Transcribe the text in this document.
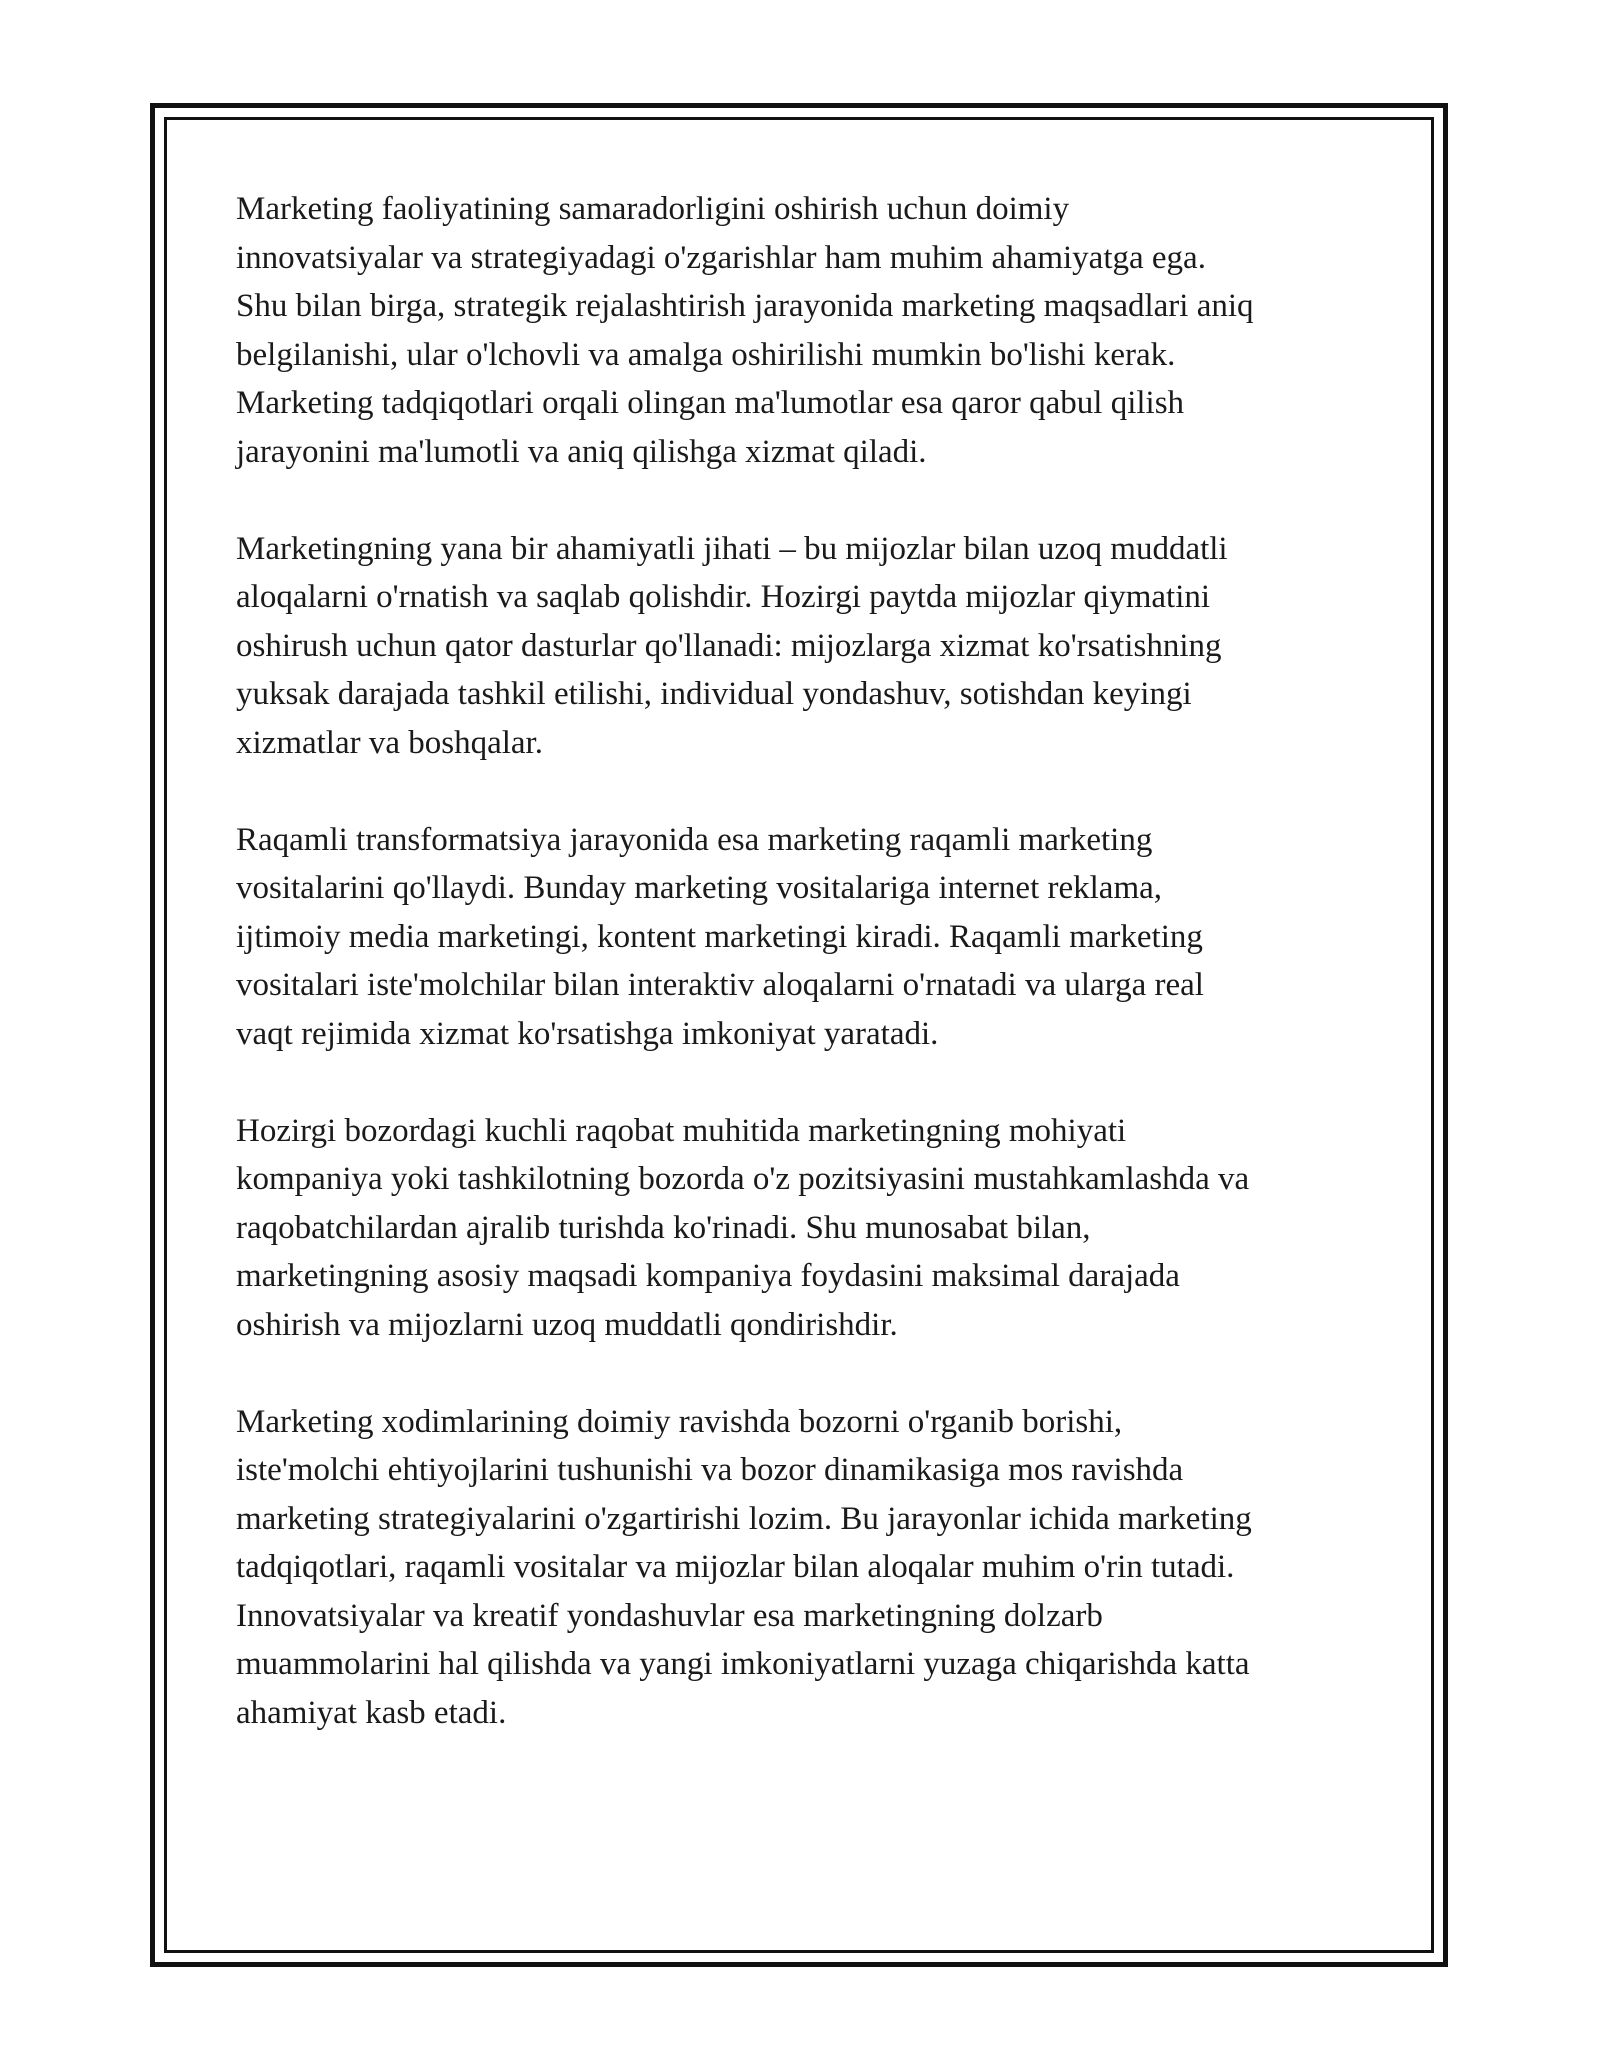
Marketing faoliyatining samaradorligini oshirish uchun doimiy
innovatsiyalar va strategiyadagi o'zgarishlar ham muhim ahamiyatga ega.
Shu bilan birga, strategik rejalashtirish jarayonida marketing maqsadlari aniq
belgilanishi, ular o'lchovli va amalga oshirilishi mumkin bo'lishi kerak.
Marketing tadqiqotlari orqali olingan ma'lumotlar esa qaror qabul qilish
jarayonini ma'lumotli va aniq qilishga xizmat qiladi.

Marketingning yana bir ahamiyatli jihati – bu mijozlar bilan uzoq muddatli
aloqalarni o'rnatish va saqlab qolishdir. Hozirgi paytda mijozlar qiymatini
oshirush uchun qator dasturlar qo'llanadi: mijozlarga xizmat ko'rsatishning
yuksak darajada tashkil etilishi, individual yondashuv, sotishdan keyingi
xizmatlar va boshqalar.

Raqamli transformatsiya jarayonida esa marketing raqamli marketing
vositalarini qo'llaydi. Bunday marketing vositalariga internet reklama,
ijtimoiy media marketingi, kontent marketingi kiradi. Raqamli marketing
vositalari iste'molchilar bilan interaktiv aloqalarni o'rnatadi va ularga real
vaqt rejimida xizmat ko'rsatishga imkoniyat yaratadi.

Hozirgi bozordagi kuchli raqobat muhitida marketingning mohiyati
kompaniya yoki tashkilotning bozorda o'z pozitsiyasini mustahkamlashda va
raqobatchilardan ajralib turishda ko'rinadi. Shu munosabat bilan,
marketingning asosiy maqsadi kompaniya foydasini maksimal darajada
oshirish va mijozlarni uzoq muddatli qondirishdir.

Marketing xodimlarining doimiy ravishda bozorni o'rganib borishi,
iste'molchi ehtiyojlarini tushunishi va bozor dinamikasiga mos ravishda
marketing strategiyalarini o'zgartirishi lozim. Bu jarayonlar ichida marketing
tadqiqotlari, raqamli vositalar va mijozlar bilan aloqalar muhim o'rin tutadi.
Innovatsiyalar va kreatif yondashuvlar esa marketingning dolzarb
muammolarini hal qilishda va yangi imkoniyatlarni yuzaga chiqarishda katta
ahamiyat kasb etadi.
